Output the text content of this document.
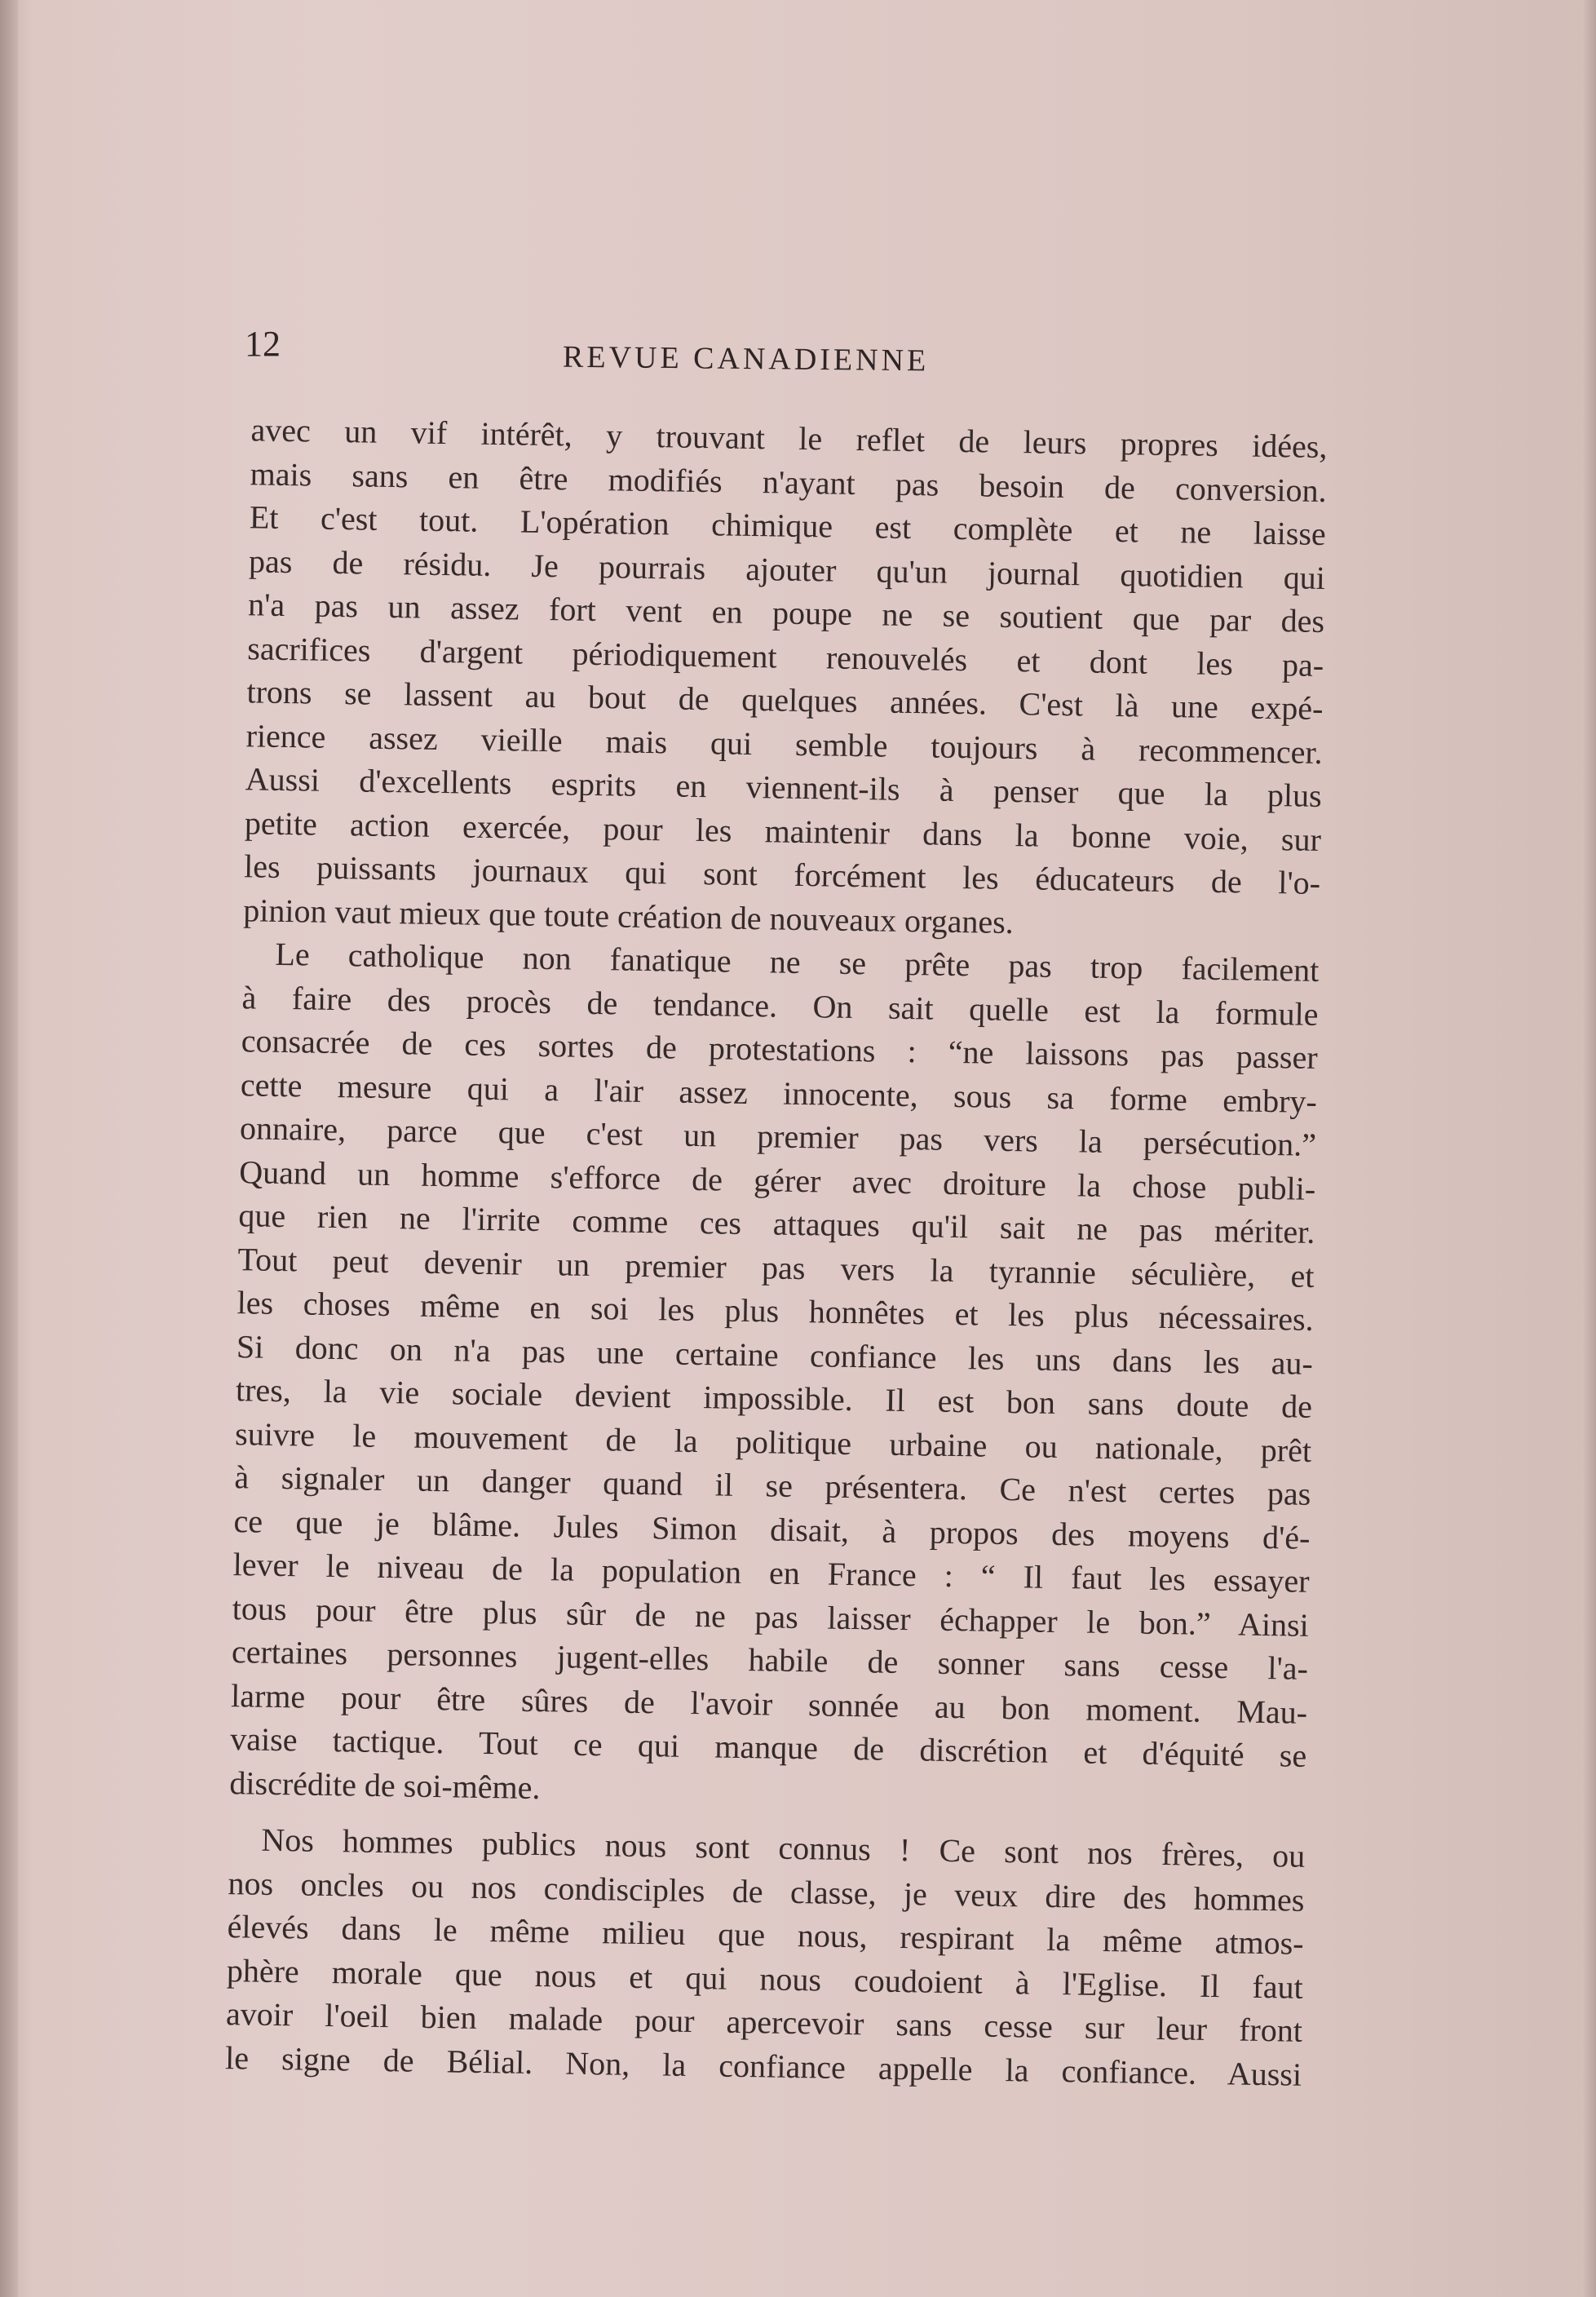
12	REVUE CANADIENNE
avec un vif intérêt, y trouvant le reflet de leurs propres idées,
mais sans en être modifiés n'ayant pas besoin de conversion.
Et c'est tout. L'opération chimique est complète et ne laisse
pas de résidu. Je pourrais ajouter qu'un journal quotidien qui
n'a pas un assez fort vent en poupe ne se soutient que par des
sacrifices d'argent périodiquement renouvelés et dont les pa-
trons se lassent au bout de quelques années. C'est là une expé-
rience assez vieille mais qui semble toujours à recommencer.
Aussi d'excellents esprits en viennent-ils à penser que la plus
petite action exercée, pour les maintenir dans la bonne voie, sur
les puissants journaux qui sont forcément les éducateurs de l'o-
pinion vaut mieux que toute création de nouveaux organes.
Le catholique non fanatique ne se prête pas trop facilement
à faire des procès de tendance. On sait quelle est la formule
consacrée de ces sortes de protestations : “ne laissons pas passer
cette mesure qui a l'air assez innocente, sous sa forme embry-
onnaire, parce que c'est un premier pas vers la persécution.”
Quand un homme s'efforce de gérer avec droiture la chose publi-
que rien ne l'irrite comme ces attaques qu'il sait ne pas mériter.
Tout peut devenir un premier pas vers la tyrannie séculière, et
les choses même en soi les plus honnêtes et les plus nécessaires.
Si donc on n'a pas une certaine confiance les uns dans les au-
tres, la vie sociale devient impossible. Il est bon sans doute de
suivre le mouvement de la politique urbaine ou nationale, prêt
à signaler un danger quand il se présentera. Ce n'est certes pas
ce que je blâme. Jules Simon disait, à propos des moyens d'é-
lever le niveau de la population en France : “ Il faut les essayer
tous pour être plus sûr de ne pas laisser échapper le bon.” Ainsi
certaines personnes jugent-elles habile de sonner sans cesse l'a-
larme pour être sûres de l'avoir sonnée au bon moment. Mau-
vaise tactique. Tout ce qui manque de discrétion et d'équité se
discrédite de soi-même.
Nos hommes publics nous sont connus ! Ce sont nos frères, ou
nos oncles ou nos condisciples de classe, je veux dire des hommes
élevés dans le même milieu que nous, respirant la même atmos-
phère morale que nous et qui nous coudoient à l'Eglise. Il faut
avoir l'oeil bien malade pour apercevoir sans cesse sur leur front
le signe de Bélial. Non, la confiance appelle la confiance. Aussi
